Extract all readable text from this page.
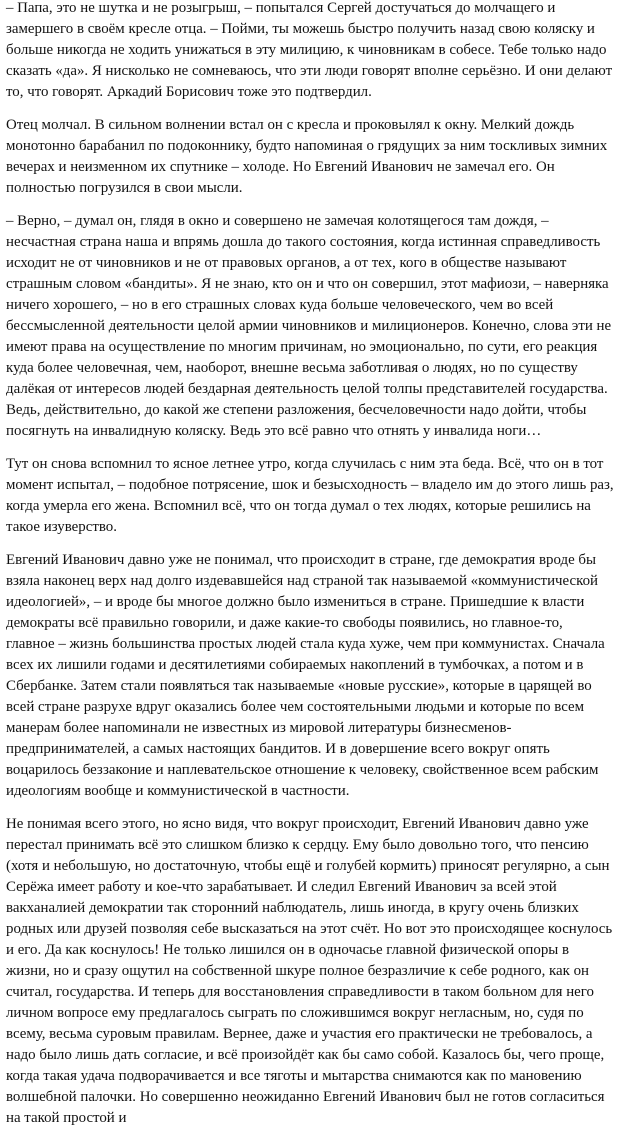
– Папа, это не шутка и не розыгрыш, – попытался Сергей достучаться до молчащего и замершего в своём кресле отца. – Пойми, ты можешь быстро получить назад свою коляску и больше никогда не ходить унижаться в эту милицию, к чиновникам в собесе. Тебе только надо сказать «да». Я нисколько не сомневаюсь, что эти люди говорят вполне серьёзно. И они делают то, что говорят. Аркадий Борисович тоже это подтвердил.

Отец молчал. В сильном волнении встал он с кресла и проковылял к окну. Мелкий дождь монотонно барабанил по подоконнику, будто напоминая о грядущих за ним тоскливых зимних вечерах и неизменном их спутнике – холоде. Но Евгений Иванович не замечал его. Он полностью погрузился в свои мысли.

– Верно, – думал он, глядя в окно и совершено не замечая колотящегося там дождя, – несчастная страна наша и впрямь дошла до такого состояния, когда истинная справедливость исходит не от чиновников и не от правовых органов, а от тех, кого в обществе называют страшным словом «бандиты». Я не знаю, кто он и что он совершил, этот мафиози, – наверняка ничего хорошего, – но в его страшных словах куда больше человеческого, чем во всей бессмысленной деятельности целой армии чиновников и милиционеров. Конечно, слова эти не имеют права на осуществление по многим причинам, но эмоционально, по сути, его реакция куда более человечная, чем, наоборот, внешне весьма заботливая о людях, но по существу далёкая от интересов людей бездарная деятельность целой толпы представителей государства. Ведь, действительно, до какой же степени разложения, бесчеловечности надо дойти, чтобы посягнуть на инвалидную коляску. Ведь это всё равно что отнять у инвалида ноги…

Тут он снова вспомнил то ясное летнее утро, когда случилась с ним эта беда. Всё, что он в тот момент испытал, – подобное потрясение, шок и безысходность – владело им до этого лишь раз, когда умерла его жена. Вспомнил всё, что он тогда думал о тех людях, которые решились на такое изуверство.

Евгений Иванович давно уже не понимал, что происходит в стране, где демократия вроде бы взяла наконец верх над долго издевавшейся над страной так называемой «коммунистической идеологией», – и вроде бы многое должно было измениться в стране. Пришедшие к власти демократы всё правильно говорили, и даже какие-то свободы появились, но главное-то, главное – жизнь большинства простых людей стала куда хуже, чем при коммунистах. Сначала всех их лишили годами и десятилетиями собираемых накоплений в тумбочках, а потом и в Сбербанке. Затем стали появляться так называемые «новые русские», которые в царящей во всей стране разрухе вдруг оказались более чем состоятельными людьми и которые по всем манерам более напоминали не известных из мировой литературы бизнесменов-предпринимателей, а самых настоящих бандитов. И в довершение всего вокруг опять воцарилось беззаконие и наплевательское отношение к человеку, свойственное всем рабским идеологиям вообще и коммунистической в частности.

Не понимая всего этого, но ясно видя, что вокруг происходит, Евгений Иванович давно уже перестал принимать всё это слишком близко к сердцу. Ему было довольно того, что пенсию (хотя и небольшую, но достаточную, чтобы ещё и голубей кормить) приносят регулярно, а сын Серёжа имеет работу и кое-что зарабатывает. И следил Евгений Иванович за всей этой вакханалией демократии так сторонний наблюдатель, лишь иногда, в кругу очень близких родных или друзей позволяя себе высказаться на этот счёт. Но вот это происходящее коснулось и его. Да как коснулось! Не только лишился он в одночасье главной физической опоры в жизни, но и сразу ощутил на собственной шкуре полное безразличие к себе родного, как он считал, государства. И теперь для восстановления справедливости в таком больном для него личном вопросе ему предлагалось сыграть по сложившимся вокруг негласным, но, судя по всему, весьма суровым правилам. Вернее, даже и участия его практически не требовалось, а надо было лишь дать согласие, и всё произойдёт как бы само собой. Казалось бы, чего проще, когда такая удача подворачивается и все тяготы и мытарства снимаются как по мановению волшебной палочки. Но совершенно неожиданно Евгений Иванович был не готов согласиться на такой простой и
